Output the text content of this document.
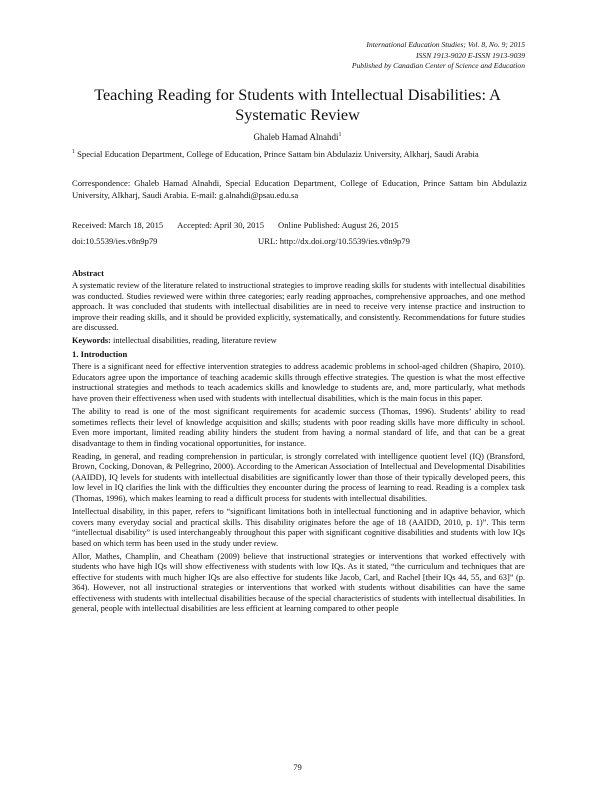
International Education Studies; Vol. 8, No. 9; 2015
ISSN 1913-9020 E-ISSN 1913-9039
Published by Canadian Center of Science and Education
Teaching Reading for Students with Intellectual Disabilities: A Systematic Review
Ghaleb Hamad Alnahdi$^1$
$^1$ Special Education Department, College of Education, Prince Sattam bin Abdulaziz University, Alkharj, Saudi Arabia
Correspondence: Ghaleb Hamad Alnahdi, Special Education Department, College of Education, Prince Sattam bin Abdulaziz University, Alkharj, Saudi Arabia. E-mail: g.alnahdi@psau.edu.sa
Received: March 18, 2015 Accepted: April 30, 2015 Online Published: August 26, 2015
doi:10.5539/ies.v8n9p79	URL: http://dx.doi.org/10.5539/ies.v8n9p79
Abstract

A systematic review of the literature related to instructional strategies to improve reading skills for students with intellectual disabilities was conducted. Studies reviewed were within three categories; early reading approaches, comprehensive approaches, and one method approach. It was concluded that students with intellectual disabilities are in need to receive very intense practice and instruction to improve their reading skills, and it should be provided explicitly, systematically, and consistently. Recommendations for future studies are discussed.

Keywords: intellectual disabilities, reading, literature review

1. Introduction

There is a significant need for effective intervention strategies to address academic problems in school-aged children (Shapiro, 2010). Educators agree upon the importance of teaching academic skills through effective strategies. The question is what the most effective instructional strategies and methods to teach academics skills and knowledge to students are, and, more particularly, what methods have proven their effectiveness when used with students with intellectual disabilities, which is the main focus in this paper.

The ability to read is one of the most significant requirements for academic success (Thomas, 1996). Students’ ability to read sometimes reflects their level of knowledge acquisition and skills; students with poor reading skills have more difficulty in school. Even more important, limited reading ability hinders the student from having a normal standard of life, and that can be a great disadvantage to them in finding vocational opportunities, for instance.

Reading, in general, and reading comprehension in particular, is strongly correlated with intelligence quotient level (IQ) (Bransford, Brown, Cocking, Donovan, & Pellegrino, 2000). According to the American Association of Intellectual and Developmental Disabilities (AAIDD), IQ levels for students with intellectual disabilities are significantly lower than those of their typically developed peers, this low level in IQ clarifies the link with the difficulties they encounter during the process of learning to read. Reading is a complex task (Thomas, 1996), which makes learning to read a difficult process for students with intellectual disabilities.

Intellectual disability, in this paper, refers to “significant limitations both in intellectual functioning and in adaptive behavior, which covers many everyday social and practical skills. This disability originates before the age of 18 (AAIDD, 2010, p. 1)”. This term “intellectual disability” is used interchangeably throughout this paper with significant cognitive disabilities and students with low IQs based on which term has been used in the study under review.

Allor, Mathes, Champlin, and Cheatham (2009) believe that instructional strategies or interventions that worked effectively with students who have high IQs will show effectiveness with students with low IQs. As it stated, “the curriculum and techniques that are effective for students with much higher IQs are also effective for students like Jacob, Carl, and Rachel [their IQs 44, 55, and 63]” (p. 364). However, not all instructional strategies or interventions that worked with students without disabilities can have the same effectiveness with students with intellectual disabilities because of the special characteristics of students with intellectual disabilities. In general, people with intellectual disabilities are less efficient at learning compared to other people

79
